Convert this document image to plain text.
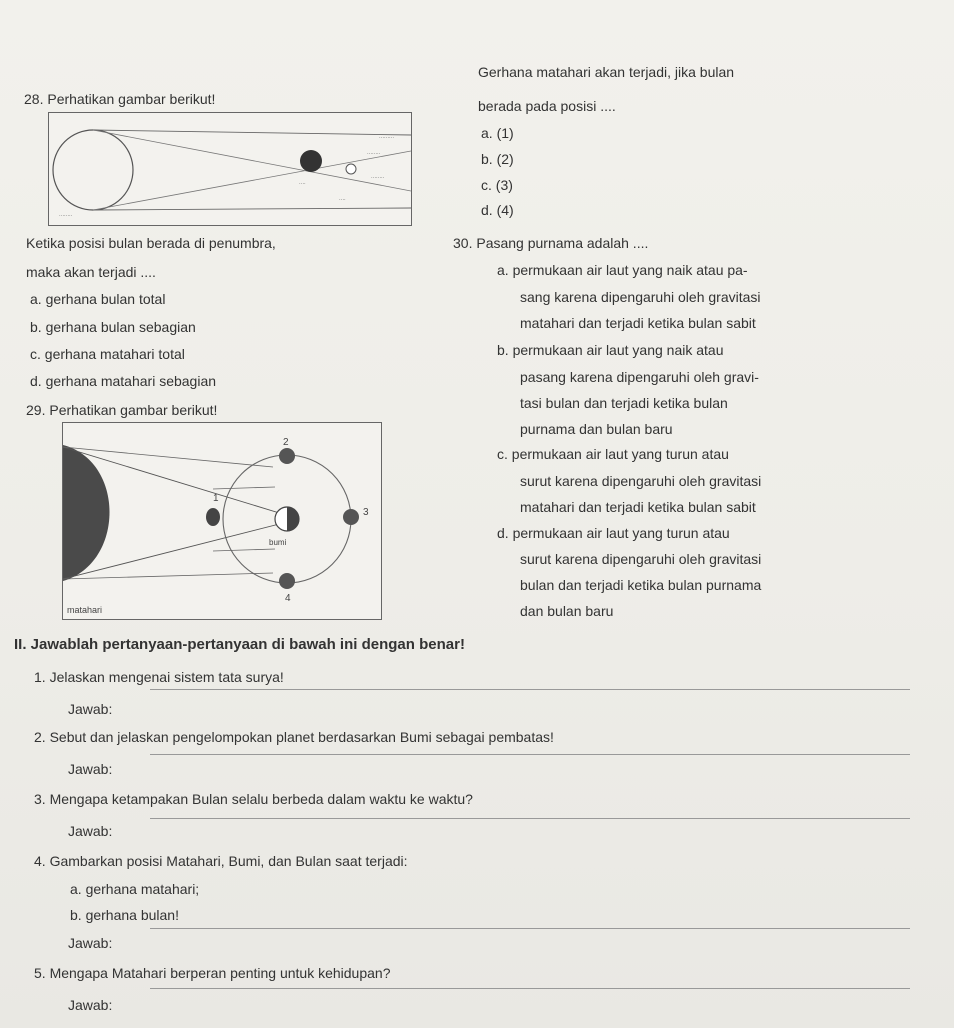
28. Perhatikan gambar berikut!
·········
········
········
····
····
········
Gerhana matahari akan terjadi, jika bulan
berada pada posisi ....
a. (1)
b. (2)
c. (3)
d. (4)
Ketika posisi bulan berada di penumbra,
maka akan terjadi ....
a. gerhana bulan total
b. gerhana bulan sebagian
c. gerhana matahari total
d. gerhana matahari sebagian
29. Perhatikan gambar berikut!
2
1
3
4
bumi
matahari
30. Pasang purnama adalah ....
a. permukaan air laut yang naik atau pa-
sang karena dipengaruhi oleh gravitasi
matahari dan terjadi ketika bulan sabit
b. permukaan air laut yang naik atau
pasang karena dipengaruhi oleh gravi-
tasi bulan dan terjadi ketika bulan
purnama dan bulan baru
c. permukaan air laut yang turun atau
surut karena dipengaruhi oleh gravitasi
matahari dan terjadi ketika bulan sabit
d. permukaan air laut yang turun atau
surut karena dipengaruhi oleh gravitasi
bulan dan terjadi ketika bulan purnama
dan bulan baru
II. Jawablah pertanyaan-pertanyaan di bawah ini dengan benar!
1. Jelaskan mengenai sistem tata surya!
Jawab:
2. Sebut dan jelaskan pengelompokan planet berdasarkan Bumi sebagai pembatas!
Jawab:
3. Mengapa ketampakan Bulan selalu berbeda dalam waktu ke waktu?
Jawab:
4. Gambarkan posisi Matahari, Bumi, dan Bulan saat terjadi:
a. gerhana matahari;
b. gerhana bulan!
Jawab:
5. Mengapa Matahari berperan penting untuk kehidupan?
Jawab:
